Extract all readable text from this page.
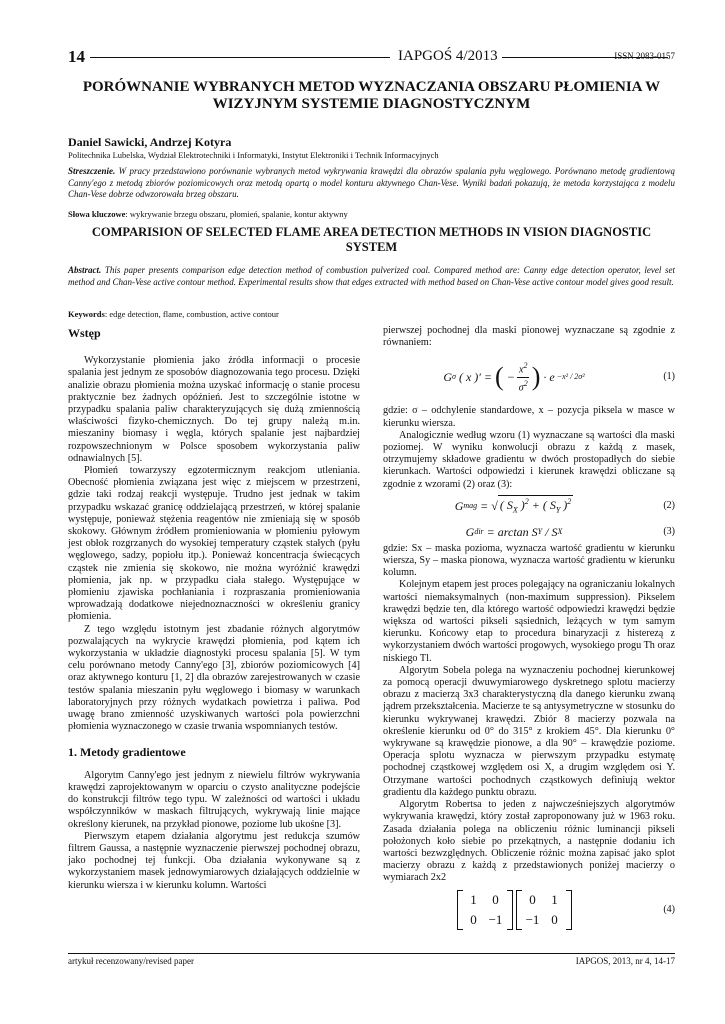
14	IAPGOŚ 4/2013	ISSN 2083-0157
PORÓWNANIE WYBRANYCH METOD WYZNACZANIA OBSZARU PŁOMIENIA W WIZYJNYM SYSTEMIE DIAGNOSTYCZNYM
Daniel Sawicki, Andrzej Kotyra
Politechnika Lubelska, Wydział Elektrotechniki i Informatyki, Instytut Elektroniki i Technik Informacyjnych
Streszczenie. W pracy przedstawiono porównanie wybranych metod wykrywania krawędzi dla obrazów spalania pyłu węglowego. Porównano metodę gradientową Canny'ego z metodą zbiorów poziomicowych oraz metodą opartą o model konturu aktywnego Chan-Vese. Wyniki badań pokazują, że metoda korzystająca z modelu Chan-Vese dobrze odwzorowała brzeg obszaru.
Słowa kluczowe: wykrywanie brzegu obszaru, płomień, spalanie, kontur aktywny
COMPARISION OF SELECTED FLAME AREA DETECTION METHODS IN VISION DIAGNOSTIC SYSTEM
Abstract. This paper presents comparison edge detection method of combustion pulverized coal. Compared method are: Canny edge detection operator, level set method and Chan-Vese active contour method. Experimental results show that edges extracted with method based on Chan-Vese active contour model gives good result.
Keywords: edge detection, flame, combustion, active contour
Wstęp

Wykorzystanie płomienia jako źródła informacji o procesie spalania jest jednym ze sposobów diagnozowania tego procesu. Dzięki analizie obrazu płomienia można uzyskać informację o stanie procesu praktycznie bez żadnych opóźnień. Jest to szczególnie istotne w przypadku spalania paliw charakteryzujących się dużą zmiennością właściwości fizyko-chemicznych. Do tej grupy należą m.in. mieszaniny biomasy i węgla, których spalanie jest najbardziej rozpowszechnionym w Polsce sposobem wykorzystania paliw odnawialnych [5].

Płomień towarzyszy egzotermicznym reakcjom utleniania. Obecność płomienia związana jest więc z miejscem w przestrzeni, gdzie taki rodzaj reakcji występuje. Trudno jest jednak w takim przypadku wskazać granicę oddzielającą przestrzeń, w której spalanie występuje, ponieważ stężenia reagentów nie zmieniają się w sposób skokowy. Głównym źródłem promieniowania w płomieniu pyłowym jest obłok rozgrzanych do wysokiej temperatury cząstek stałych (pyłu węglowego, sadzy, popiołu itp.). Ponieważ koncentracja świecących cząstek nie zmienia się skokowo, nie można wyróżnić krawędzi płomienia, jak np. w przypadku ciała stałego. Występujące w płomieniu zjawiska pochłaniania i rozpraszania promieniowania wprowadzają dodatkowe niejednoznaczności w określeniu granicy płomienia.

Z tego względu istotnym jest zbadanie różnych algorytmów pozwalających na wykrycie krawędzi płomienia, pod kątem ich wykorzystania w układzie diagnostyki procesu spalania [5]. W tym celu porównano metody Canny'ego [3], zbiorów poziomicowych [4] oraz aktywnego konturu [1, 2] dla obrazów zarejestrowanych w czasie testów spalania mieszanin pyłu węglowego i biomasy w warunkach laboratoryjnych przy różnych wydatkach powietrza i paliwa. Pod uwagę brano zmienność uzyskiwanych wartości pola powierzchni płomienia wyznaczonego w czasie trwania wspomnianych testów.

1. Metody gradientowe

Algorytm Canny'ego jest jednym z niewielu filtrów wykrywania krawędzi zaprojektowanym w oparciu o czysto analityczne podejście do konstrukcji filtrów tego typu. W zależności od wartości i układu współczynników w maskach filtrujących, wykrywają linie mające określony kierunek, na przykład pionowe, poziome lub ukośne [3].

Pierwszym etapem działania algorytmu jest redukcja szumów filtrem Gaussa, a następnie wyznaczenie pierwszej pochodnej obrazu, jako pochodnej tej funkcji. Oba działania wykonywane są z wykorzystaniem masek jednowymiarowych działających oddzielnie w kierunku wiersza i w kierunku kolumn. Wartości

pierwszej pochodnej dla maski pionowej wyznaczane są zgodnie z równaniem:

G σ ( x )′ = ( − $\frac{x^2}{\sigma^2}$ ) · e −x² / 2σ²	(1)

gdzie: σ – odchylenie standardowe, x – pozycja piksela w masce w kierunku wiersza.

Analogicznie według wzoru (1) wyznaczane są wartości dla maski poziomej. W wyniku konwolucji obrazu z każdą z masek, otrzymujemy składowe gradientu w dwóch prostopadłych do siebie kierunkach. Wartości odpowiedzi i kierunek krawędzi obliczane są zgodnie z wzorami (2) oraz (3):

G mag = √ ( $S_X$ )$^2$ + ( $S_Y$ )$^2$	(2)
G dir = arctan S Y / S X	(3)

gdzie: Sx – maska pozioma, wyznacza wartość gradientu w kierunku wiersza, Sy – maska pionowa, wyznacza wartość gradientu w kierunku kolumn.

Kolejnym etapem jest proces polegający na ograniczaniu lokalnych wartości niemaksymalnych (non-maximum suppression). Pikselem krawędzi będzie ten, dla którego wartość odpowiedzi krawędzi będzie większa od wartości pikseli sąsiednich, leżących w tym samym kierunku. Końcowy etap to procedura binaryzacji z histerezą z wykorzystaniem dwóch wartości progowych, wysokiego progu Th oraz niskiego Tl.

Algorytm Sobela polega na wyznaczeniu pochodnej kierunkowej za pomocą operacji dwuwymiarowego dyskretnego splotu macierzy obrazu z macierzą 3x3 charakterystyczną dla danego kierunku zwaną jądrem przekształcenia. Macierze te są antysymetryczne w stosunku do kierunku wykrywanej krawędzi. Zbiór 8 macierzy pozwala na określenie kierunku od 0° do 315° z krokiem 45°. Dla kierunku 0° wykrywane są krawędzie pionowe, a dla 90° – krawędzie poziome. Operacja splotu wyznacza w pierwszym przypadku estymatę pochodnej cząstkowej względem osi X, a drugim względem osi Y. Otrzymane wartości pochodnych cząstkowych definiują wektor gradientu dla każdego punktu obrazu.

Algorytm Robertsa to jeden z najwcześniejszych algorytmów wykrywania krawędzi, który został zaproponowany już w 1963 roku. Zasada działania polega na obliczeniu różnic luminancji pikseli położonych koło siebie po przekątnych, a następnie dodaniu ich wartości bezwzględnych. Obliczenie różnic można zapisać jako splot macierzy obrazu z każdą z przedstawionych poniżej macierzy o wymiarach 2x2

1	0
0 −1

0	1
−1 0
(4)
artykuł recenzowany/revised paper	IAPGOS, 2013, nr 4, 14-17
